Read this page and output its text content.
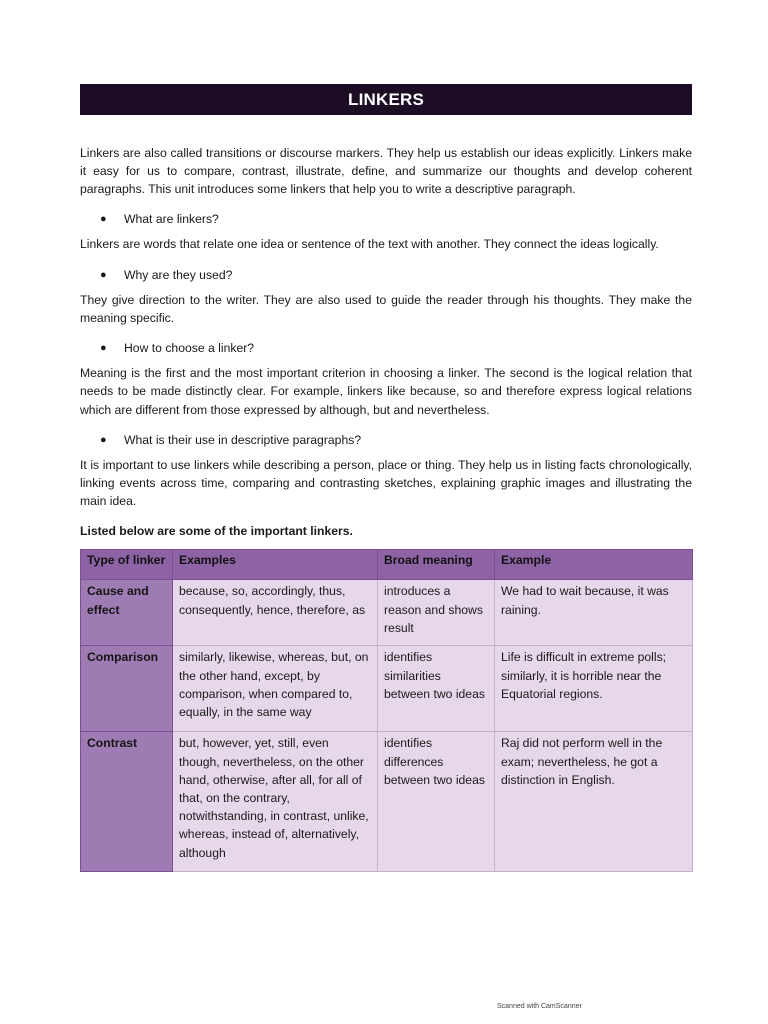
LINKERS

Linkers are also called transitions or discourse markers. They help us establish our ideas explicitly. Linkers make it easy for us to compare, contrast, illustrate, define, and summarize our thoughts and develop coherent paragraphs. This unit introduces some linkers that help you to write a descriptive paragraph.

●	What are linkers?

Linkers are words that relate one idea or sentence of the text with another. They connect the ideas logically.

●	Why are they used?

They give direction to the writer. They are also used to guide the reader through his thoughts. They make the meaning specific.

●	How to choose a linker?

Meaning is the first and the most important criterion in choosing a linker. The second is the logical relation that needs to be made distinctly clear. For example, linkers like because, so and therefore express logical relations which are different from those expressed by although, but and nevertheless.

●	What is their use in descriptive paragraphs?

It is important to use linkers while describing a person, place or thing. They help us in listing facts chronologically, linking events across time, comparing and contrasting sketches, explaining graphic images and illustrating the main idea.

Listed below are some of the important linkers.

Type of linker	Examples	Broad meaning	Example
Cause and effect	because, so, accordingly, thus, consequently, hence, therefore, as	introduces a reason and shows result	We had to wait because, it was raining.
Comparison	similarly, likewise, whereas, but, on the other hand, except, by comparison, when compared to, equally, in the same way	identifies similarities between two ideas	Life is difficult in extreme polls; similarly, it is horrible near the Equatorial regions.
Contrast	but, however, yet, still, even though, nevertheless, on the other hand, otherwise, after all, for all of that, on the contrary, notwithstanding, in contrast, unlike, whereas, instead of, alternatively, although	identifies differences between two ideas	Raj did not perform well in the exam; nevertheless, he got a distinction in English.
Scanned with CamScanner
